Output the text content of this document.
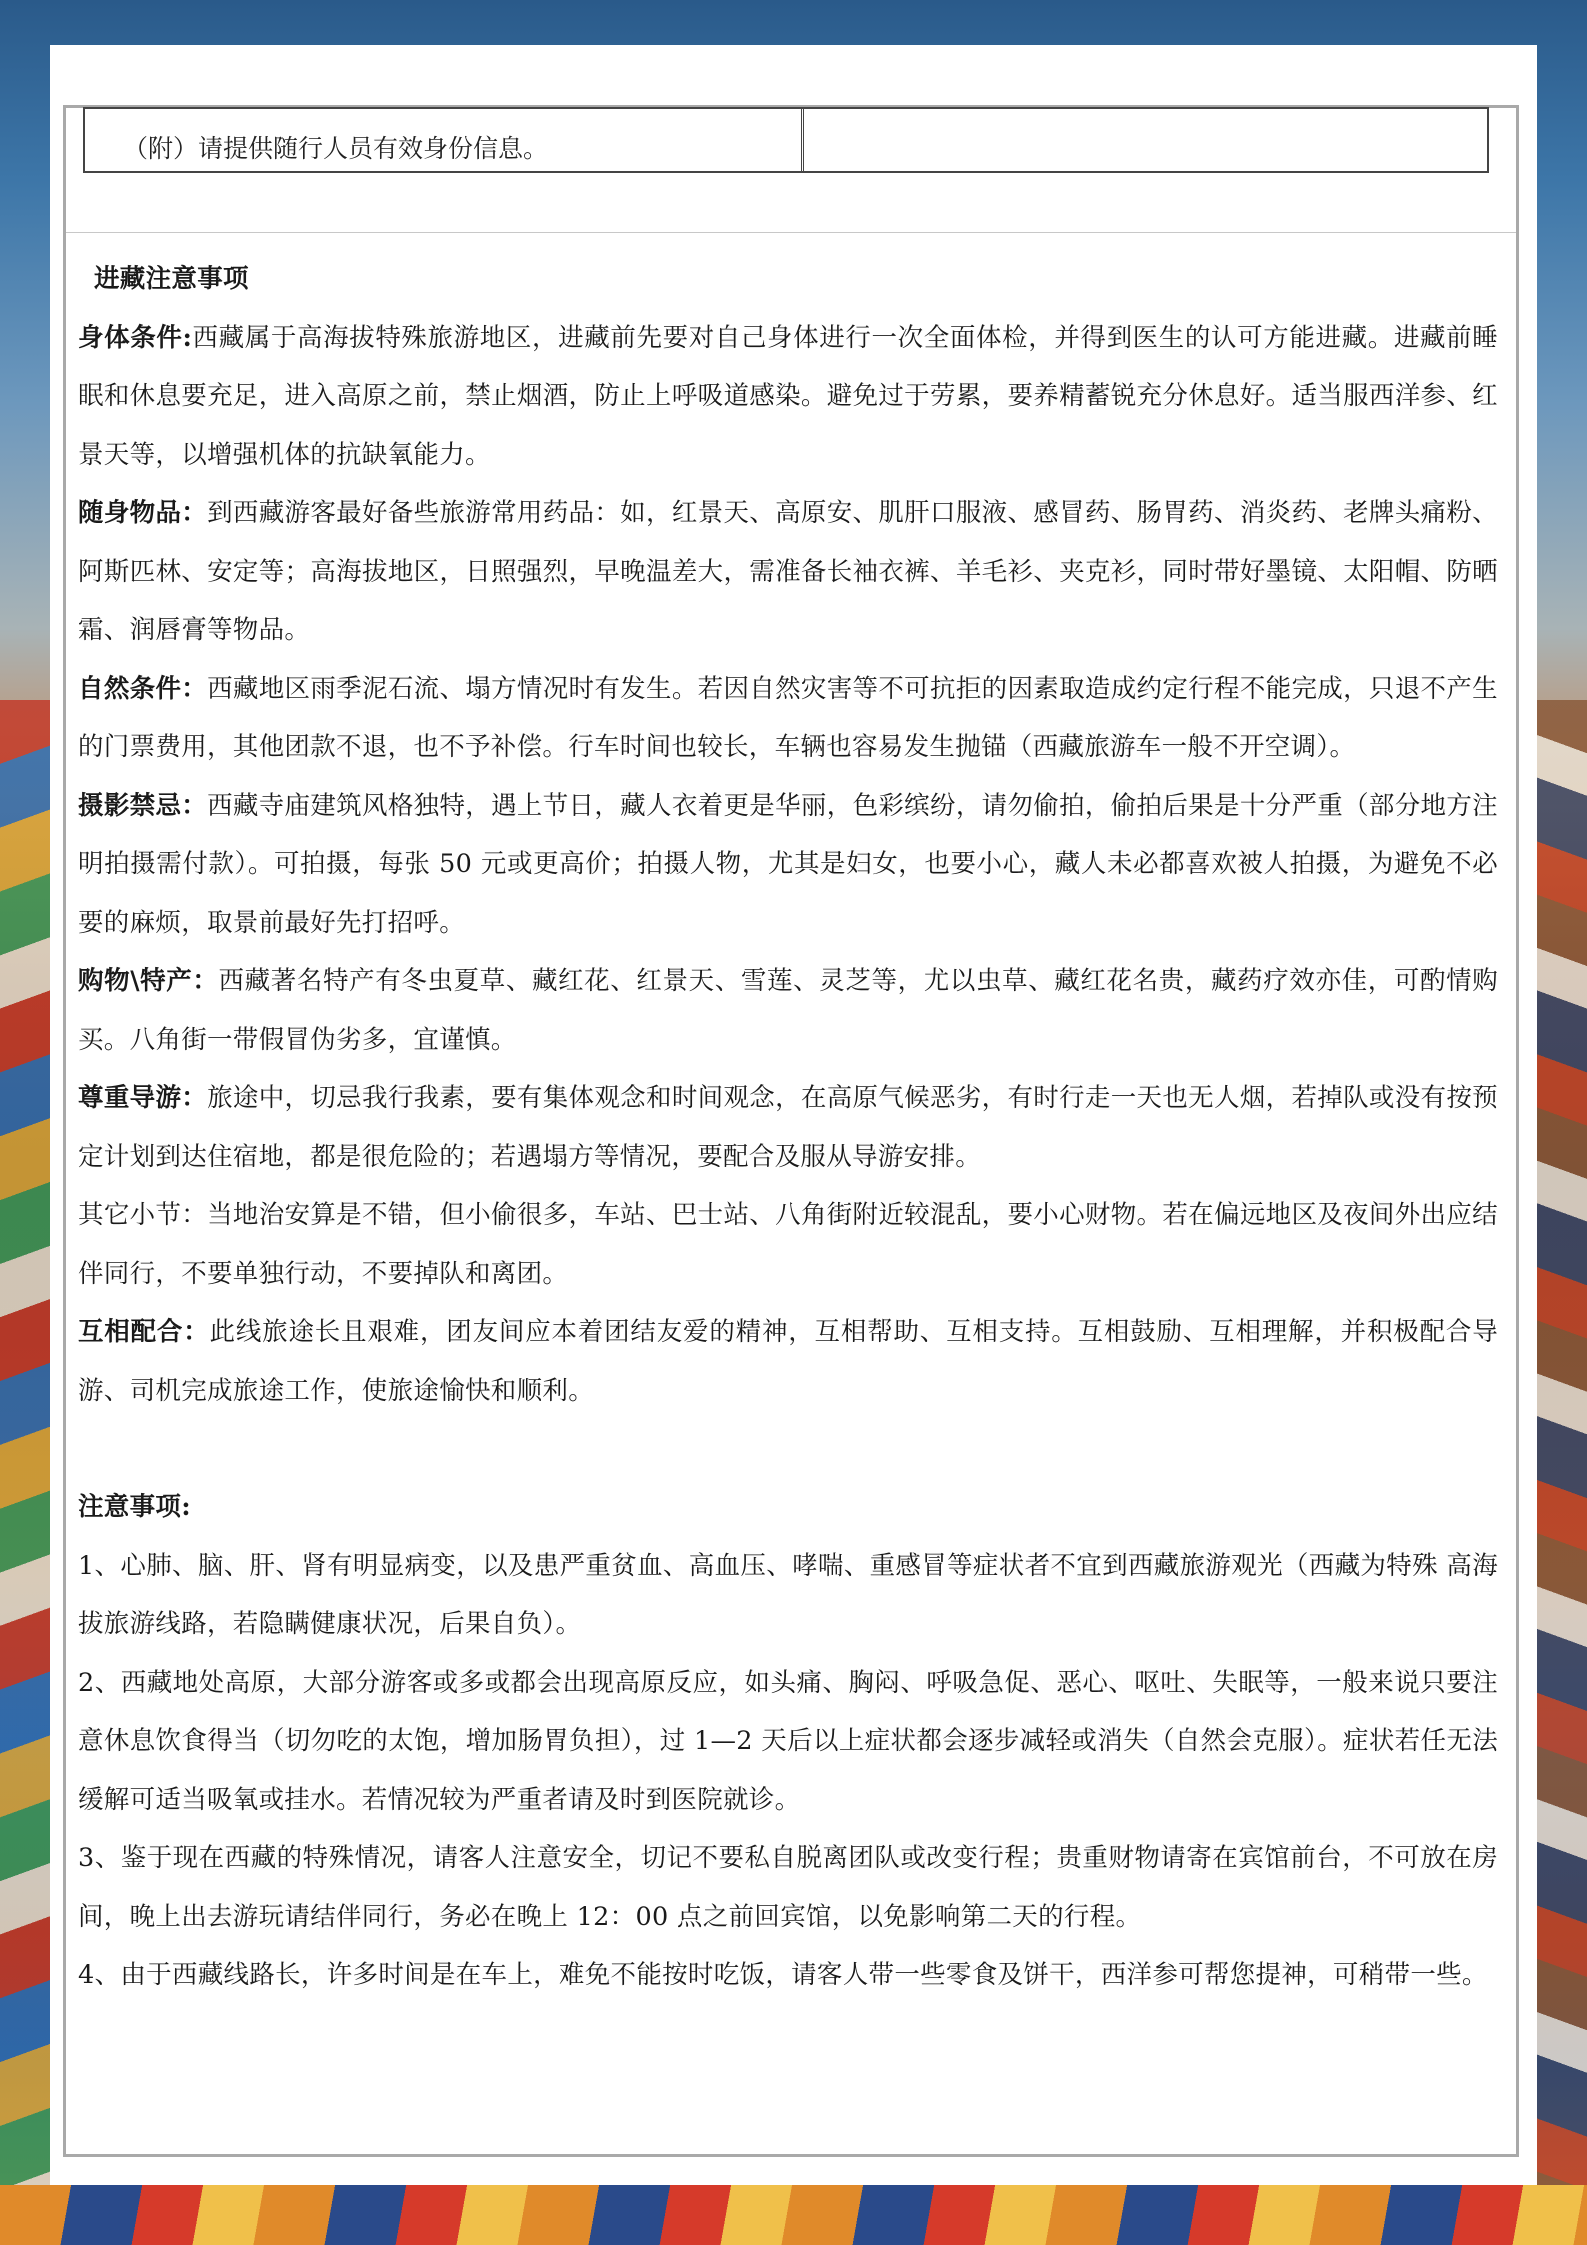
（附）请提供随行人员有效身份信息。

进藏注意事项

身体条件:西藏属于高海拔特殊旅游地区，进藏前先要对自己身体进行一次全面体检，并得到医生的认可方能进藏。进藏前睡眠和休息要充足，进入高原之前，禁止烟酒，防止上呼吸道感染。避免过于劳累，要养精蓄锐充分休息好。适当服西洋参、红景天等，以增强机体的抗缺氧能力。

随身物品：到西藏游客最好备些旅游常用药品：如，红景天、高原安、肌肝口服液、感冒药、肠胃药、消炎药、老牌头痛粉、阿斯匹林、安定等；高海拔地区，日照强烈，早晚温差大，需准备长袖衣裤、羊毛衫、夹克衫，同时带好墨镜、太阳帽、防晒霜、润唇膏等物品。

自然条件：西藏地区雨季泥石流、塌方情况时有发生。若因自然灾害等不可抗拒的因素取造成约定行程不能完成，只退不产生的门票费用，其他团款不退，也不予补偿。行车时间也较长，车辆也容易发生抛锚（西藏旅游车一般不开空调）。

摄影禁忌：西藏寺庙建筑风格独特，遇上节日，藏人衣着更是华丽，色彩缤纷，请勿偷拍，偷拍后果是十分严重（部分地方注明拍摄需付款）。可拍摄，每张 50 元或更高价；拍摄人物，尤其是妇女，也要小心，藏人未必都喜欢被人拍摄，为避免不必要的麻烦，取景前最好先打招呼。

购物\特产：西藏著名特产有冬虫夏草、藏红花、红景天、雪莲、灵芝等，尤以虫草、藏红花名贵，藏药疗效亦佳，可酌情购买。八角街一带假冒伪劣多，宜谨慎。

尊重导游：旅途中，切忌我行我素，要有集体观念和时间观念，在高原气候恶劣，有时行走一天也无人烟，若掉队或没有按预定计划到达住宿地，都是很危险的；若遇塌方等情况，要配合及服从导游安排。

其它小节：当地治安算是不错，但小偷很多，车站、巴士站、八角街附近较混乱，要小心财物。若在偏远地区及夜间外出应结伴同行，不要单独行动，不要掉队和离团。

互相配合：此线旅途长且艰难，团友间应本着团结友爱的精神，互相帮助、互相支持。互相鼓励、互相理解，并积极配合导游、司机完成旅途工作，使旅途愉快和顺利。

注意事项:

1、心肺、脑、肝、肾有明显病变，以及患严重贫血、高血压、哮喘、重感冒等症状者不宜到西藏旅游观光（西藏为特殊 高海拔旅游线路，若隐瞒健康状况，后果自负）。

2、西藏地处高原，大部分游客或多或都会出现高原反应，如头痛、胸闷、呼吸急促、恶心、呕吐、失眠等，一般来说只要注意休息饮食得当（切勿吃的太饱，增加肠胃负担），过 1—2 天后以上症状都会逐步减轻或消失（自然会克服）。症状若任无法缓解可适当吸氧或挂水。若情况较为严重者请及时到医院就诊。

3、鉴于现在西藏的特殊情况，请客人注意安全，切记不要私自脱离团队或改变行程；贵重财物请寄在宾馆前台，不可放在房间，晚上出去游玩请结伴同行，务必在晚上 12：00 点之前回宾馆，以免影响第二天的行程。

4、由于西藏线路长，许多时间是在车上，难免不能按时吃饭，请客人带一些零食及饼干，西洋参可帮您提神，可稍带一些。
